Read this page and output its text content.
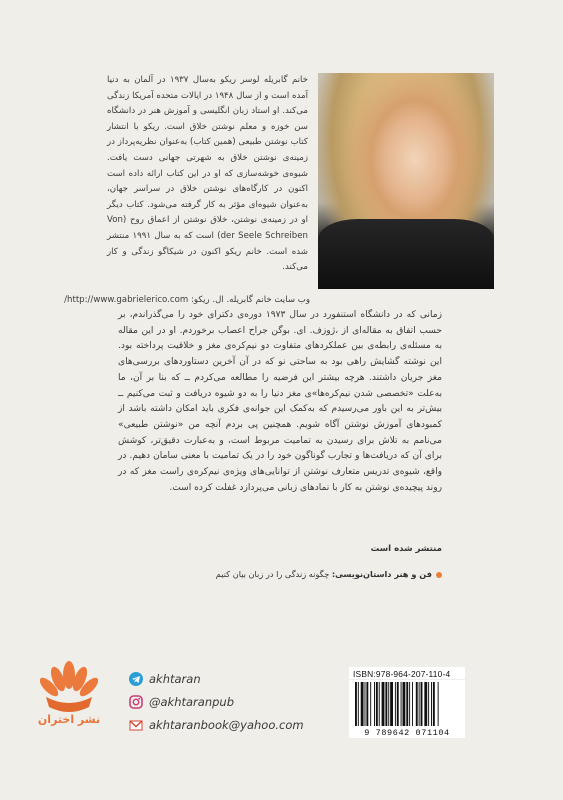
خانم گابریله لوسر ریکو به‌سال ۱۹۳۷ در آلمان به دنیا آمده است و از سال ۱۹۴۸ در ایالات متحده آمریکا زندگی می‌کند. او استاد زبان انگلیسی و آموزش هنر در دانشگاه سن خوزه و معلم نوشتن خلاق است. ریکو با انتشار کتاب نوشتن طبیعی (همین کتاب) به‌عنوان نظریه‌پرداز در زمینه‌ی نوشتن خلاق به شهرتی جهانی دست یافت. شیوه‌ی خوشه‌سازی که او در این کتاب ارائه داده است اکنون در کارگاه‌های نوشتن خلاق در سراسر جهان، به‌عنوان شیوه‌ای مؤثر به کار گرفته می‌شود. کتاب دیگر او در زمینه‌ی نوشتن، خلاق نوشتن از اعماق روح (Von der Seele Schreiben) است که به سال ۱۹۹۱ منتشر شده است. خانم ریکو اکنون در شیکاگو زندگی و کار می‌کند.
وب سایت خانم گابریله. ال. ریکو: http://www.gabrielerico.com/
زمانی که در دانشگاه استنفورد در سال ۱۹۷۳ دوره‌ی دکترای خود را می‌گذراندم، بر حسب اتفاق به مقاله‌ای از ،ژوزف. ای. بوگن جراح اعصاب برخوردم. او در این مقاله به مسئله‌ی رابطه‌ی بین عملکردهای متفاوت دو نیم‌کره‌ی مغز و خلاقیت پرداخته بود. این نوشته گشایش راهی بود به ساحتی نو که در آن آخرین دستاوردهای بررسی‌های مغز جریان داشتند. هرچه بیشتر این فرضیه را مطالعه می‌کردم ــ که بنا بر آن، ما به‌علت «تخصصی شدن نیم‌کره‌ها»ی مغز دنیا را به دو شیوه دریافت و ثبت می‌کنیم ــ بیش‌تر به این باور می‌رسیدم که به‌کمک این جوانه‌ی فکری باید امکان داشته باشد از کمبودهای آموزش نوشتن آگاه شویم. همچنین پی بردم آنچه من «نوشتن طبیعی» می‌نامم به تلاش برای رسیدن به تمامیت مربوط است، و به‌عبارت دقیق‌تر، کوشش برای آن که دریافت‌ها و تجارب گوناگون خود را در یک تمامیت با معنی سامان دهیم. در واقع، شیوه‌ی تدریس متعارف نوشتن از توانایی‌های ویژه‌ی نیم‌کره‌ی راست مغز که در روند پیچیده‌ی نوشتن به کار با نمادهای زبانی می‌پردازد غفلت کرده است.
منتشر شده است
فن و هنر داستان‌نویسی: چگونه زندگی را در زبان بیان کنیم
نشر اختران
akhtaran
@akhtaranpub
akhtaranbook@yahoo.com
ISBN:978-964-207-110-4
9 789642 071104
